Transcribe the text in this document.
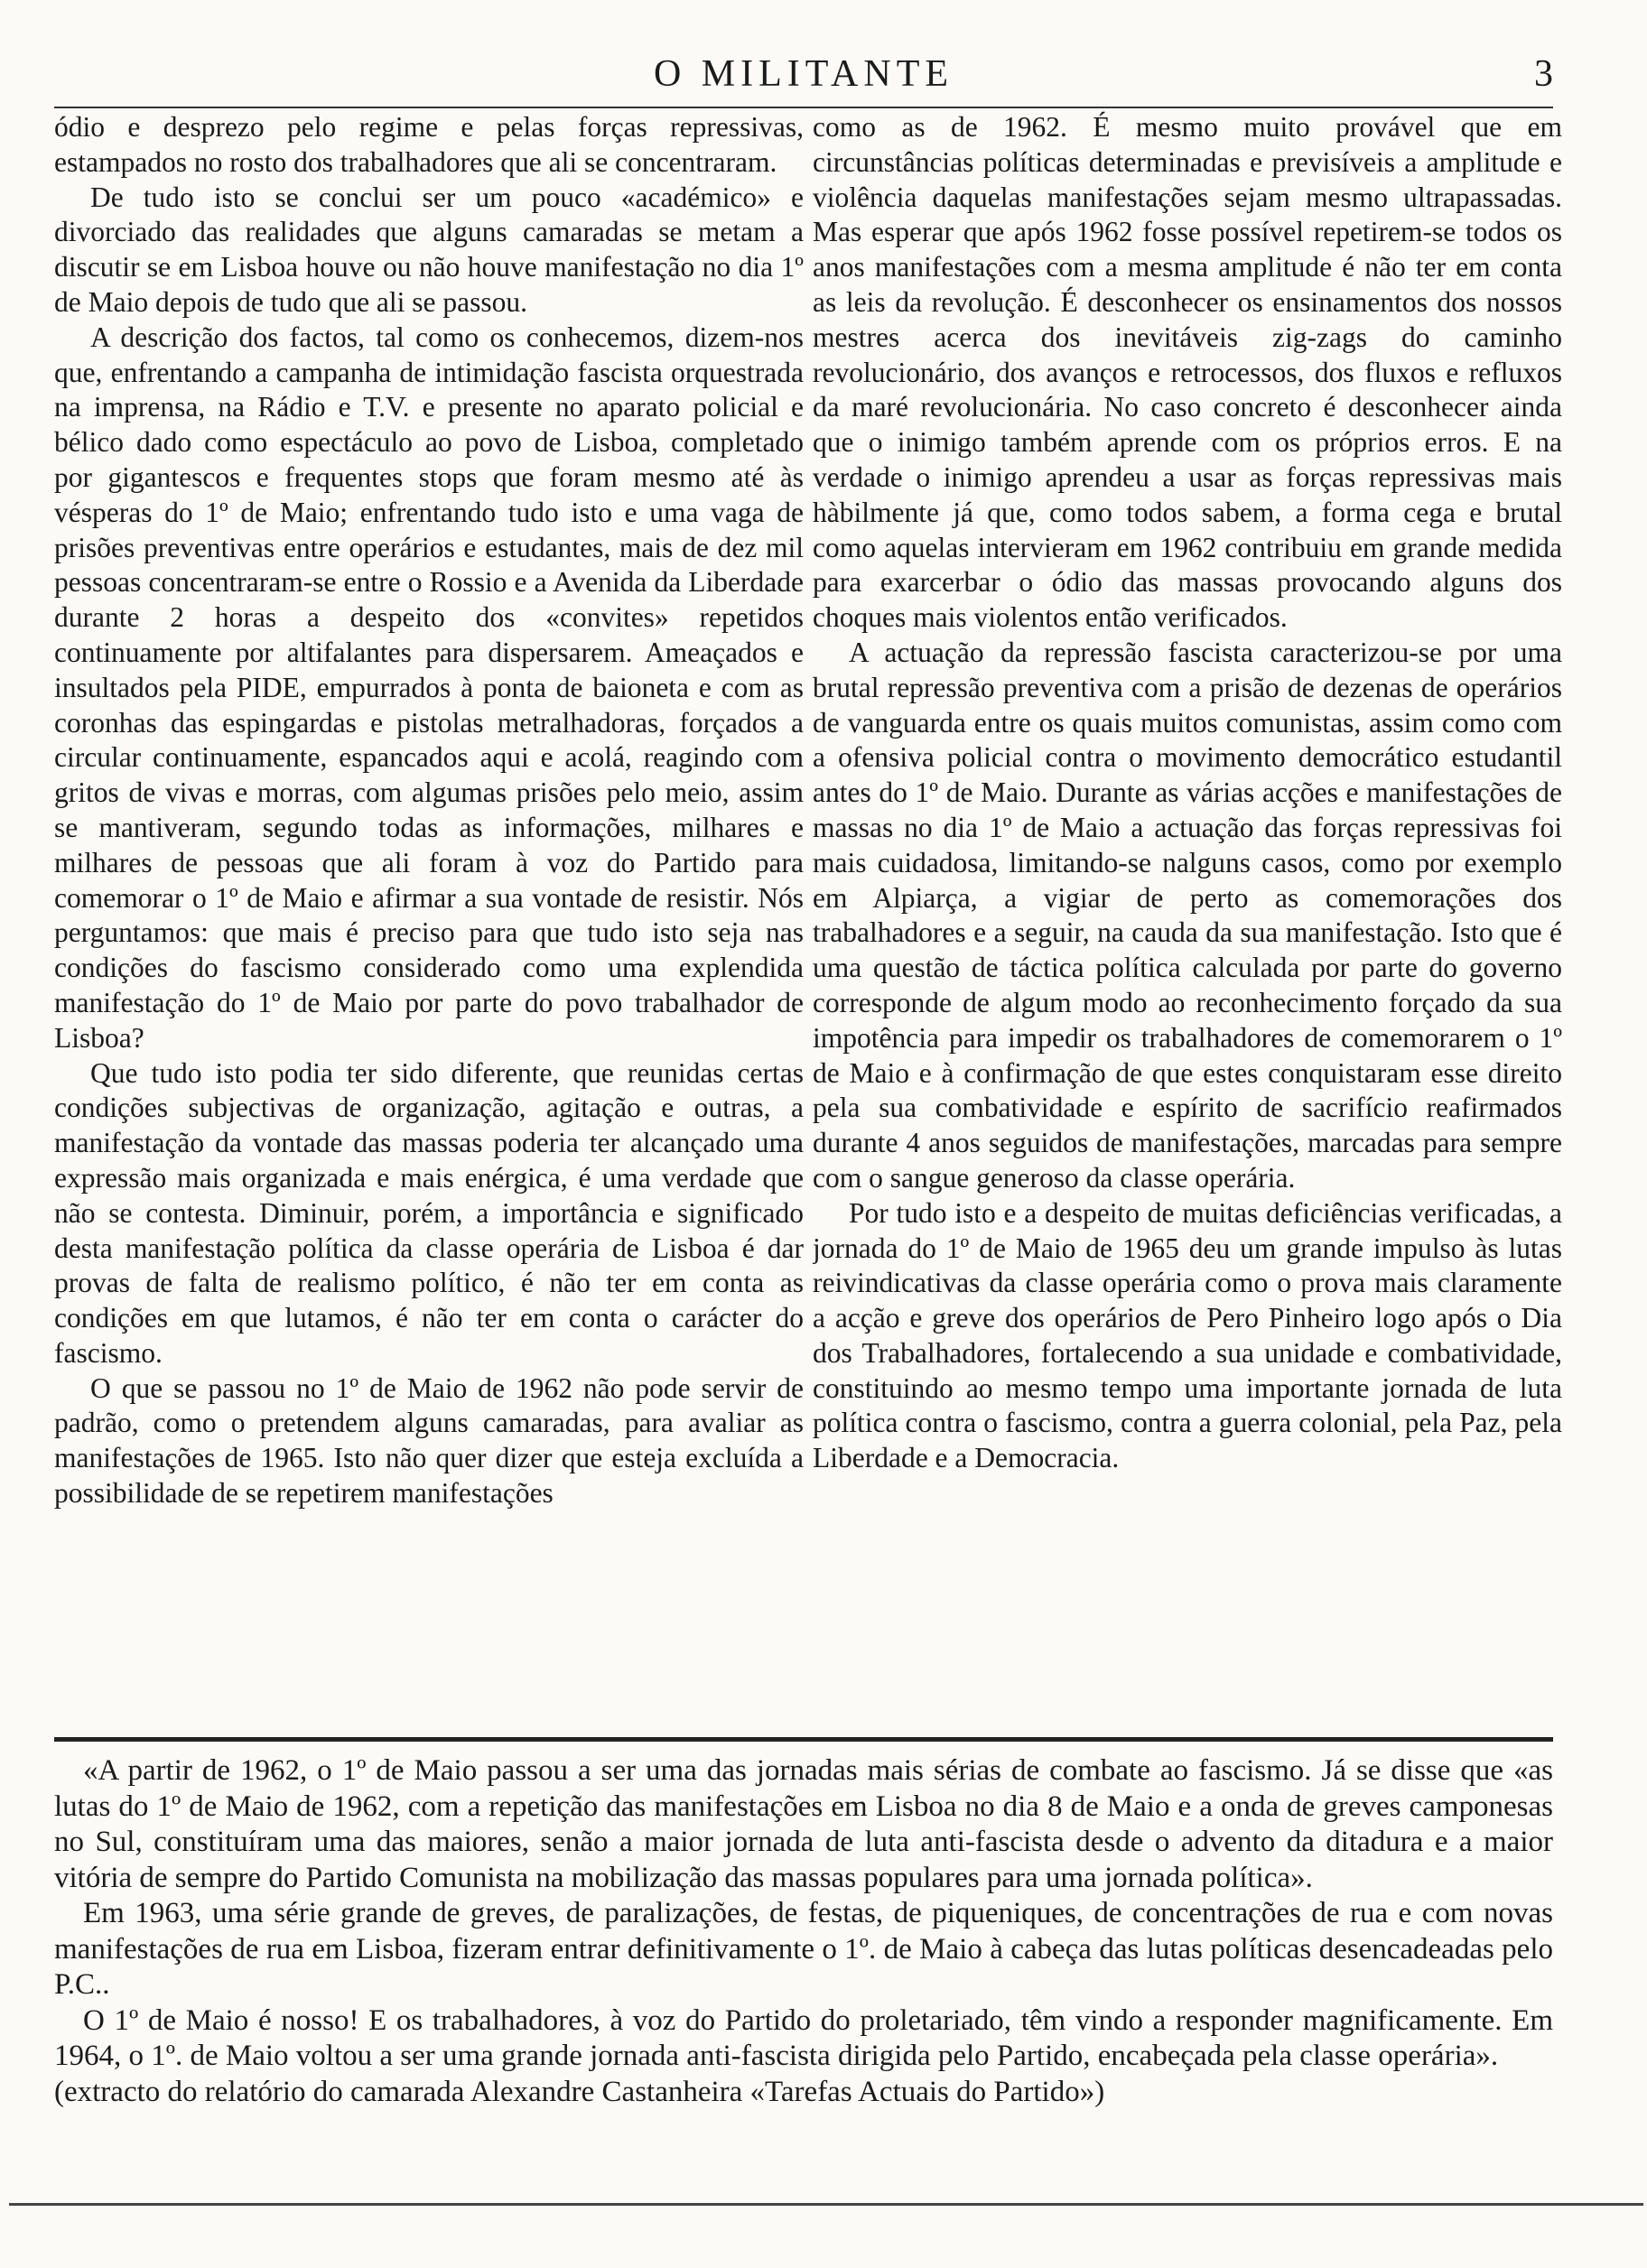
O MILITANTE	3

ódio e desprezo pelo regime e pelas forças repressivas, estampados no rosto dos trabalhadores que ali se concentraram.

De tudo isto se conclui ser um pouco «académico» e divorciado das realidades que alguns camaradas se metam a discutir se em Lisboa houve ou não houve manifestação no dia 1º de Maio depois de tudo que ali se passou.

A descrição dos factos, tal como os conhecemos, dizem-nos que, enfrentando a campanha de intimidação fascista orquestrada na imprensa, na Rádio e T.V. e presente no aparato policial e bélico dado como espectáculo ao povo de Lisboa, completado por gigantescos e frequentes stops que foram mesmo até às vésperas do 1º de Maio; enfrentando tudo isto e uma vaga de prisões preventivas entre operários e estudantes, mais de dez mil pessoas concentraram-se entre o Rossio e a Avenida da Liberdade durante 2 horas a despeito dos «convites» repetidos continuamente por altifalantes para dispersarem. Ameaçados e insultados pela PIDE, empurrados à ponta de baioneta e com as coronhas das espingardas e pistolas metralhadoras, forçados a circular continuamente, espancados aqui e acolá, reagindo com gritos de vivas e morras, com algumas prisões pelo meio, assim se mantiveram, segundo todas as informações, milhares e milhares de pessoas que ali foram à voz do Partido para comemorar o 1º de Maio e afirmar a sua vontade de resistir. Nós perguntamos: que mais é preciso para que tudo isto seja nas condições do fascismo considerado como uma explendida manifestação do 1º de Maio por parte do povo trabalhador de Lisboa?

Que tudo isto podia ter sido diferente, que reunidas certas condições subjectivas de organização, agitação e outras, a manifestação da vontade das massas poderia ter alcançado uma expressão mais organizada e mais enérgica, é uma verdade que não se contesta. Diminuir, porém, a importância e significado desta manifestação política da classe operária de Lisboa é dar provas de falta de realismo político, é não ter em conta as condições em que lutamos, é não ter em conta o carácter do fascismo.

O que se passou no 1º de Maio de 1962 não pode servir de padrão, como o pretendem alguns camaradas, para avaliar as manifestações de 1965. Isto não quer dizer que esteja excluída a possibilidade de se repetirem manifestações

como as de 1962. É mesmo muito provável que em circunstâncias políticas determinadas e previsíveis a amplitude e violência daquelas manifestações sejam mesmo ultrapassadas. Mas esperar que após 1962 fosse possível repetirem-se todos os anos manifestações com a mesma amplitude é não ter em conta as leis da revolução. É desconhecer os ensinamentos dos nossos mestres acerca dos inevitáveis zig-zags do caminho revolucionário, dos avanços e retrocessos, dos fluxos e refluxos da maré revolucionária. No caso concreto é desconhecer ainda que o inimigo também aprende com os próprios erros. E na verdade o inimigo aprendeu a usar as forças repressivas mais hàbilmente já que, como todos sabem, a forma cega e brutal como aquelas intervieram em 1962 contribuiu em grande medida para exarcerbar o ódio das massas provocando alguns dos choques mais violentos então verificados.

A actuação da repressão fascista caracterizou-se por uma brutal repressão preventiva com a prisão de dezenas de operários de vanguarda entre os quais muitos comunistas, assim como com a ofensiva policial contra o movimento democrático estudantil antes do 1º de Maio. Durante as várias acções e manifestações de massas no dia 1º de Maio a actuação das forças repressivas foi mais cuidadosa, limitando-se nalguns casos, como por exemplo em Alpiarça, a vigiar de perto as comemorações dos trabalhadores e a seguir, na cauda da sua manifestação. Isto que é uma questão de táctica política calculada por parte do governo corresponde de algum modo ao reconhecimento forçado da sua impotência para impedir os trabalhadores de comemorarem o 1º de Maio e à confirmação de que estes conquistaram esse direito pela sua combatividade e espírito de sacrifício reafirmados durante 4 anos seguidos de manifestações, marcadas para sempre com o sangue generoso da classe operária.

Por tudo isto e a despeito de muitas deficiências verificadas, a jornada do 1º de Maio de 1965 deu um grande impulso às lutas reivindicativas da classe operária como o prova mais claramente a acção e greve dos operários de Pero Pinheiro logo após o Dia dos Trabalhadores, fortalecendo a sua unidade e combatividade, constituindo ao mesmo tempo uma importante jornada de luta política contra o fascismo, contra a guerra colonial, pela Paz, pela Liberdade e a Democracia.

«A partir de 1962, o 1º de Maio passou a ser uma das jornadas mais sérias de combate ao fascismo. Já se disse que «as lutas do 1º de Maio de 1962, com a repetição das manifestações em Lisboa no dia 8 de Maio e a onda de greves camponesas no Sul, constituíram uma das maiores, senão a maior jornada de luta anti-fascista desde o advento da ditadura e a maior vitória de sempre do Partido Comunista na mobilização das massas populares para uma jornada política».

Em 1963, uma série grande de greves, de paralizações, de festas, de piqueniques, de concentrações de rua e com novas manifestações de rua em Lisboa, fizeram entrar definitivamente o 1º. de Maio à cabeça das lutas políticas desencadeadas pelo P.C..

O 1º de Maio é nosso! E os trabalhadores, à voz do Partido do proletariado, têm vindo a responder magnificamente. Em 1964, o 1º. de Maio voltou a ser uma grande jornada anti-fascista dirigida pelo Partido, encabeçada pela classe operária».

(extracto do relatório do camarada Alexandre Castanheira «Tarefas Actuais do Partido»)
